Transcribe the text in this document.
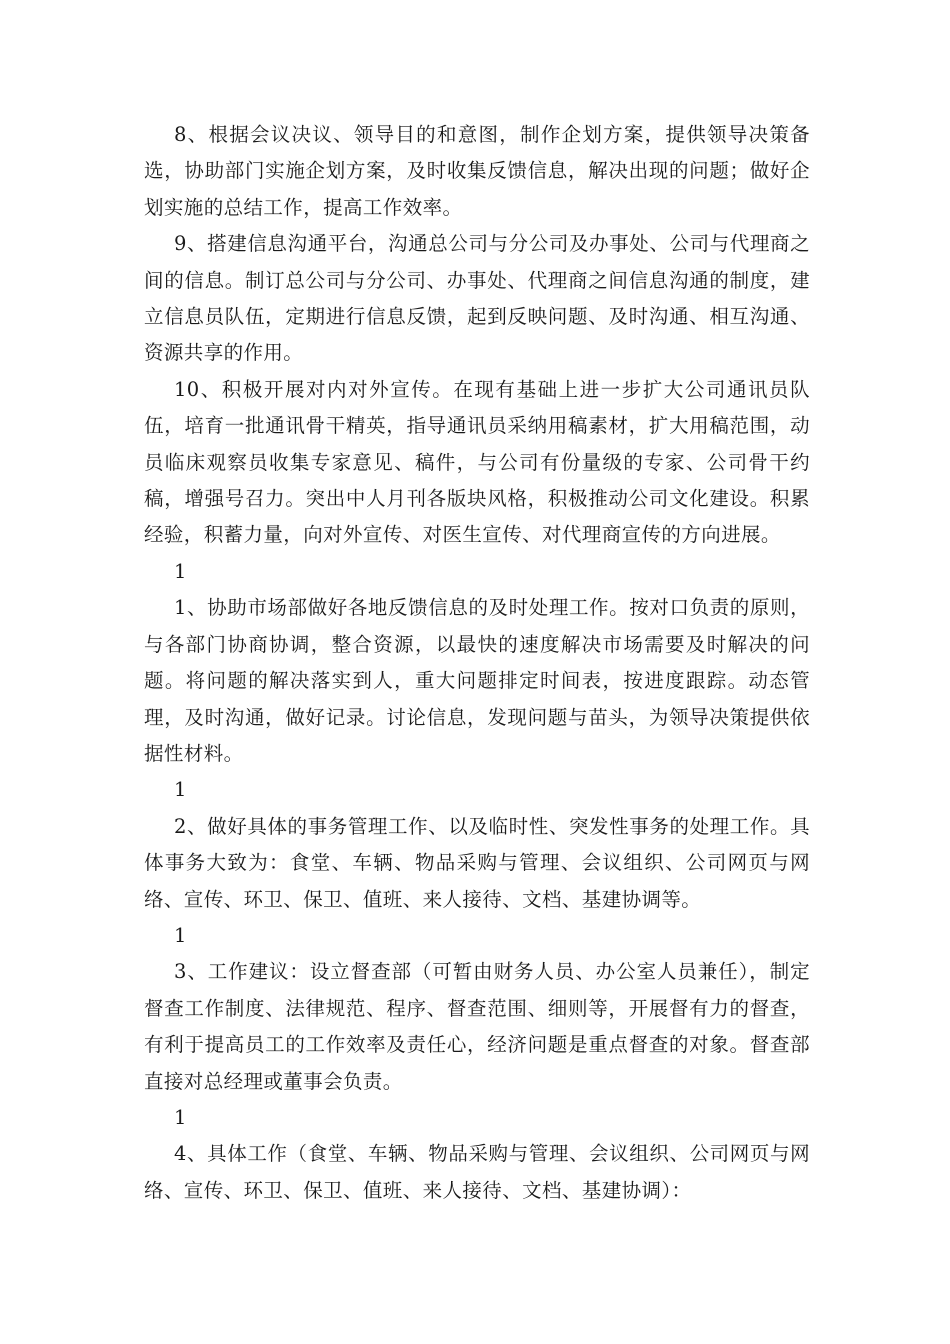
8、根据会议决议、领导目的和意图，制作企划方案，提供领导决策备选，协助部门实施企划方案，及时收集反馈信息，解决出现的问题；做好企划实施的总结工作，提高工作效率。

9、搭建信息沟通平台，沟通总公司与分公司及办事处、公司与代理商之间的信息。制订总公司与分公司、办事处、代理商之间信息沟通的制度，建立信息员队伍，定期进行信息反馈，起到反映问题、及时沟通、相互沟通、资源共享的作用。

10、积极开展对内对外宣传。在现有基础上进一步扩大公司通讯员队伍，培育一批通讯骨干精英，指导通讯员采纳用稿素材，扩大用稿范围，动员临床观察员收集专家意见、稿件，与公司有份量级的专家、公司骨干约稿，增强号召力。突出中人月刊各版块风格，积极推动公司文化建设。积累经验，积蓄力量，向对外宣传、对医生宣传、对代理商宣传的方向进展。

1

1、协助市场部做好各地反馈信息的及时处理工作。按对口负责的原则，与各部门协商协调，整合资源，以最快的速度解决市场需要及时解决的问题。将问题的解决落实到人，重大问题排定时间表，按进度跟踪。动态管理，及时沟通，做好记录。讨论信息，发现问题与苗头，为领导决策提供依据性材料。

1

2、做好具体的事务管理工作、以及临时性、突发性事务的处理工作。具体事务大致为：食堂、车辆、物品采购与管理、会议组织、公司网页与网络、宣传、环卫、保卫、值班、来人接待、文档、基建协调等。

1

3、工作建议：设立督查部（可暂由财务人员、办公室人员兼任），制定督查工作制度、法律规范、程序、督查范围、细则等，开展督有力的督查，有利于提高员工的工作效率及责任心，经济问题是重点督查的对象。督查部直接对总经理或董事会负责。

1

4、具体工作（食堂、车辆、物品采购与管理、会议组织、公司网页与网络、宣传、环卫、保卫、值班、来人接待、文档、基建协调）：
